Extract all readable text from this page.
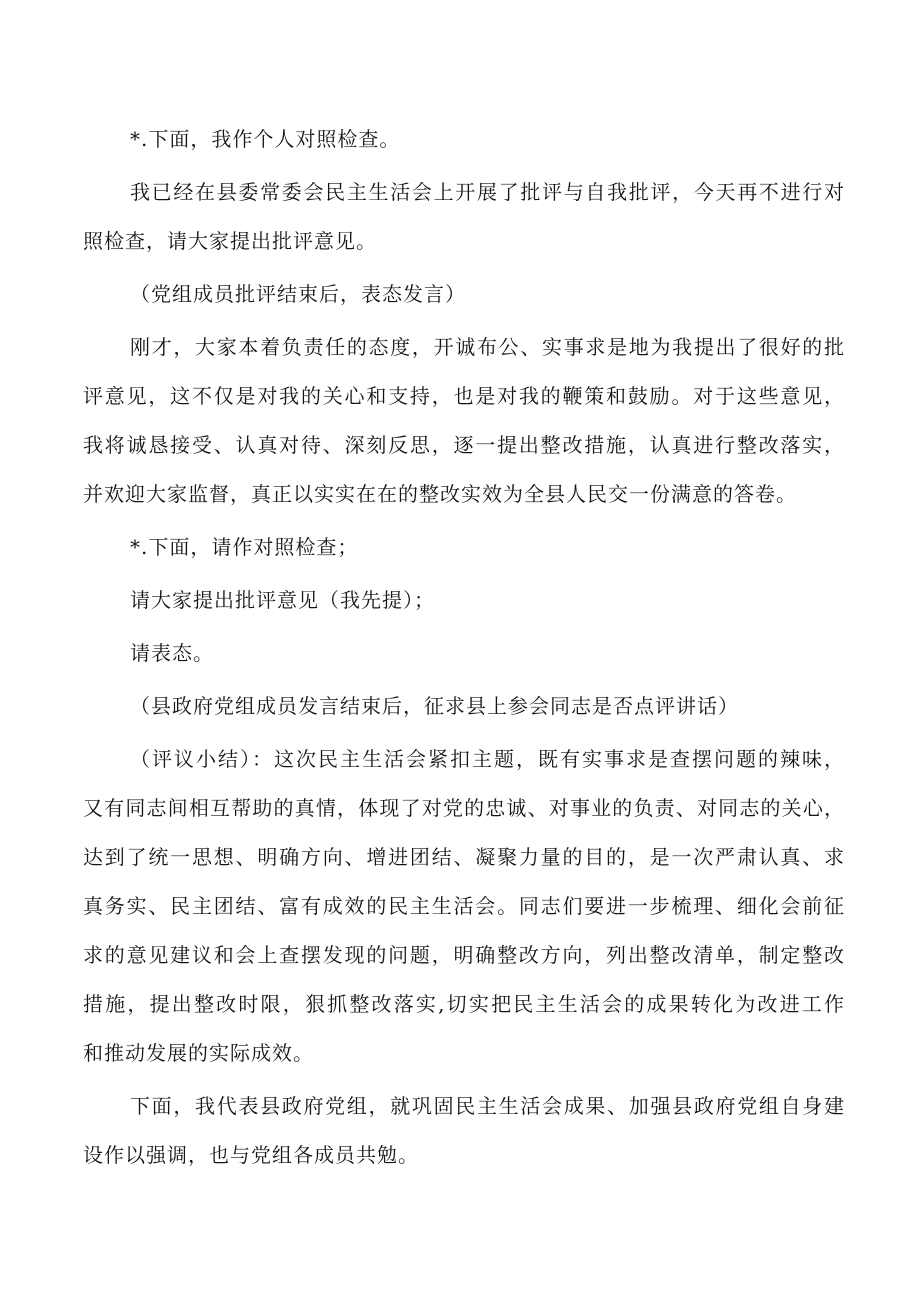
*.下面，我作个人对照检查。
我已经在县委常委会民主生活会上开展了批评与自我批评，今天再不进行对
照检查，请大家提出批评意见。
（党组成员批评结束后，表态发言）
刚才，大家本着负责任的态度，开诚布公、实事求是地为我提出了很好的批
评意见，这不仅是对我的关心和支持，也是对我的鞭策和鼓励。对于这些意见，
我将诚恳接受、认真对待、深刻反思，逐一提出整改措施，认真进行整改落实，
并欢迎大家监督，真正以实实在在的整改实效为全县人民交一份满意的答卷。
*.下面，请作对照检查；
请大家提出批评意见（我先提）；
请表态。
（县政府党组成员发言结束后，征求县上参会同志是否点评讲话）
（评议小结）：这次民主生活会紧扣主题，既有实事求是查摆问题的辣味，
又有同志间相互帮助的真情，体现了对党的忠诚、对事业的负责、对同志的关心，
达到了统一思想、明确方向、增进团结、凝聚力量的目的，是一次严肃认真、求
真务实、民主团结、富有成效的民主生活会。同志们要进一步梳理、细化会前征
求的意见建议和会上查摆发现的问题，明确整改方向，列出整改清单，制定整改
措施，提出整改时限，狠抓整改落实,切实把民主生活会的成果转化为改进工作
和推动发展的实际成效。
下面，我代表县政府党组，就巩固民主生活会成果、加强县政府党组自身建
设作以强调，也与党组各成员共勉。
